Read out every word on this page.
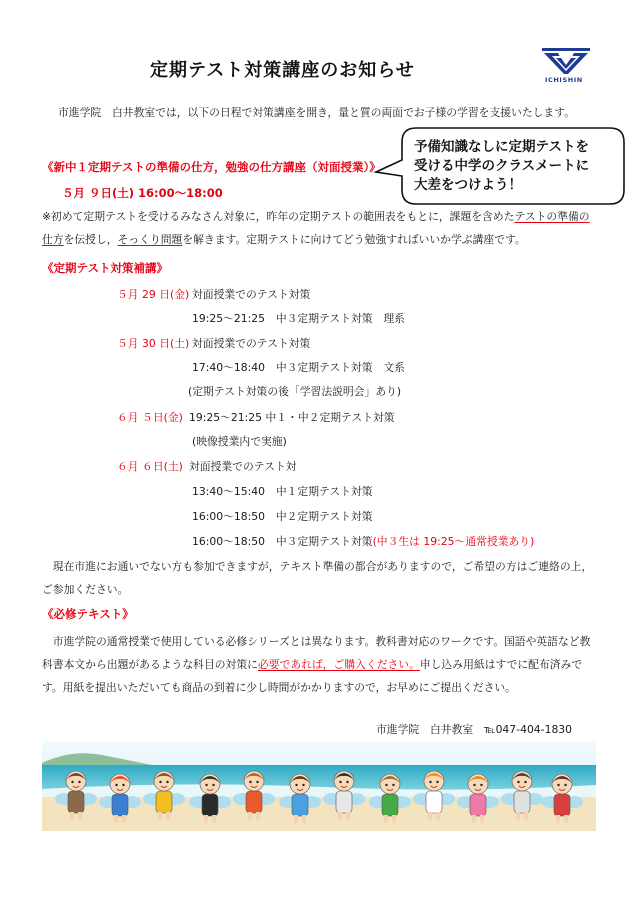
定期テスト対策講座のお知らせ	ICHISHIN
市進学院　白井教室では，以下の日程で対策講座を開き，量と質の両面でお子様の学習を支援いたします。
予備知識なしに定期テストを
受ける中学のクラスメートに
大差をつけよう！
《新中１定期テストの準備の仕方，勉強の仕方講座（対面授業）》
５月 ９日(土) 16:00～18:00
※初めて定期テストを受けるみなさん対象に，昨年の定期テストの範囲表をもとに，課題を含めたテストの準備の仕方を伝授し，そっくり問題を解きます。定期テストに向けてどう勉強すればいいか学ぶ講座です。
《定期テスト対策補講》
５月 29 日(金) 対面授業でのテスト対策
19:25～21:25　中３定期テスト対策　理系
５月 30 日(土) 対面授業でのテスト対策
17:40～18:40　中３定期テスト対策　文系
(定期テスト対策の後「学習法説明会」あり)
６月 ５日(金) 19:25～21:25 中１・中２定期テスト対策
(映像授業内で実施)
６月 ６日(土) 対面授業でのテスト対
13:40～15:40　中１定期テスト対策
16:00～18:50　中２定期テスト対策
16:00～18:50　中３定期テスト対策(中３生は 19:25～通常授業あり)
現在市進にお通いでない方も参加できますが，テキスト準備の都合がありますので，ご希望の方はご連絡の上，ご参加ください。
《必修テキスト》
市進学院の通常授業で使用している必修シリーズとは異なります。教科書対応のワークです。国語や英語など教科書本文から出題があるような科目の対策に必要であれば，ご購入ください。申し込み用紙はすでに配布済みです。用紙を提出いただいても商品の到着に少し時間がかかりますので，お早めにご提出ください。
市進学院　白井教室　℡047-404-1830
